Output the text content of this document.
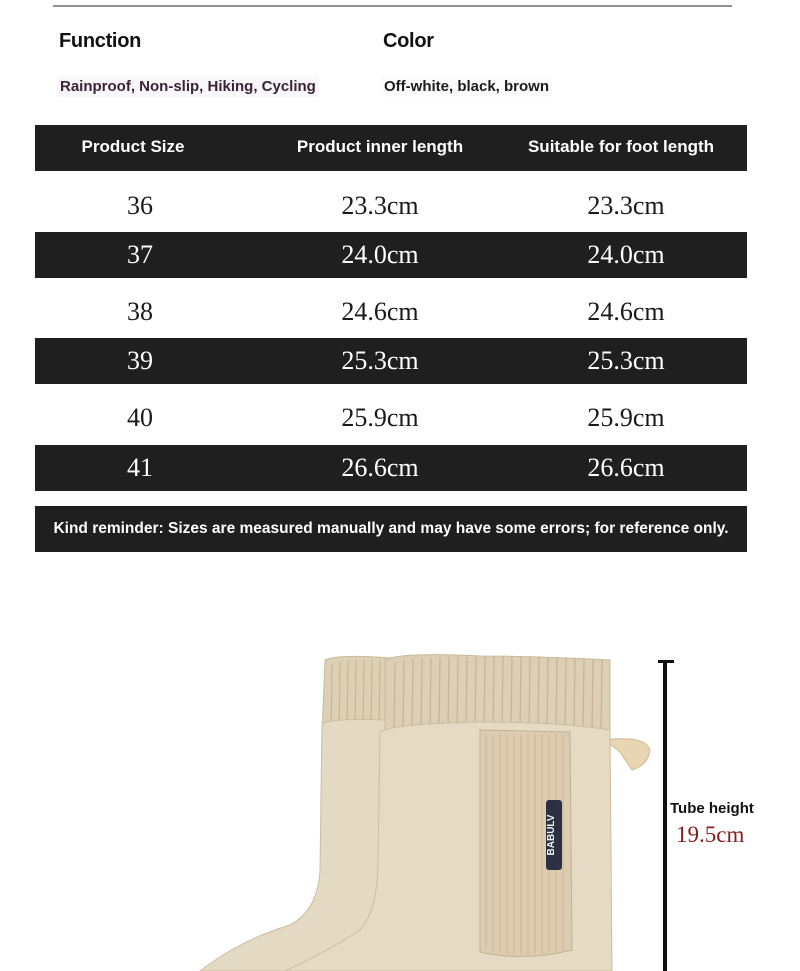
Function
Rainproof, Non-slip, Hiking, Cycling
Color
Off-white, black, brown
Product Size	Product inner length	Suitable for foot length
36	23.3cm	23.3cm
37	24.0cm	24.0cm
38	24.6cm	24.6cm
39	25.3cm	25.3cm
40	25.9cm	25.9cm
41	26.6cm	26.6cm
Kind reminder: Sizes are measured manually and may have some errors; for reference only.
BABULV
Tube height
19.5cm
